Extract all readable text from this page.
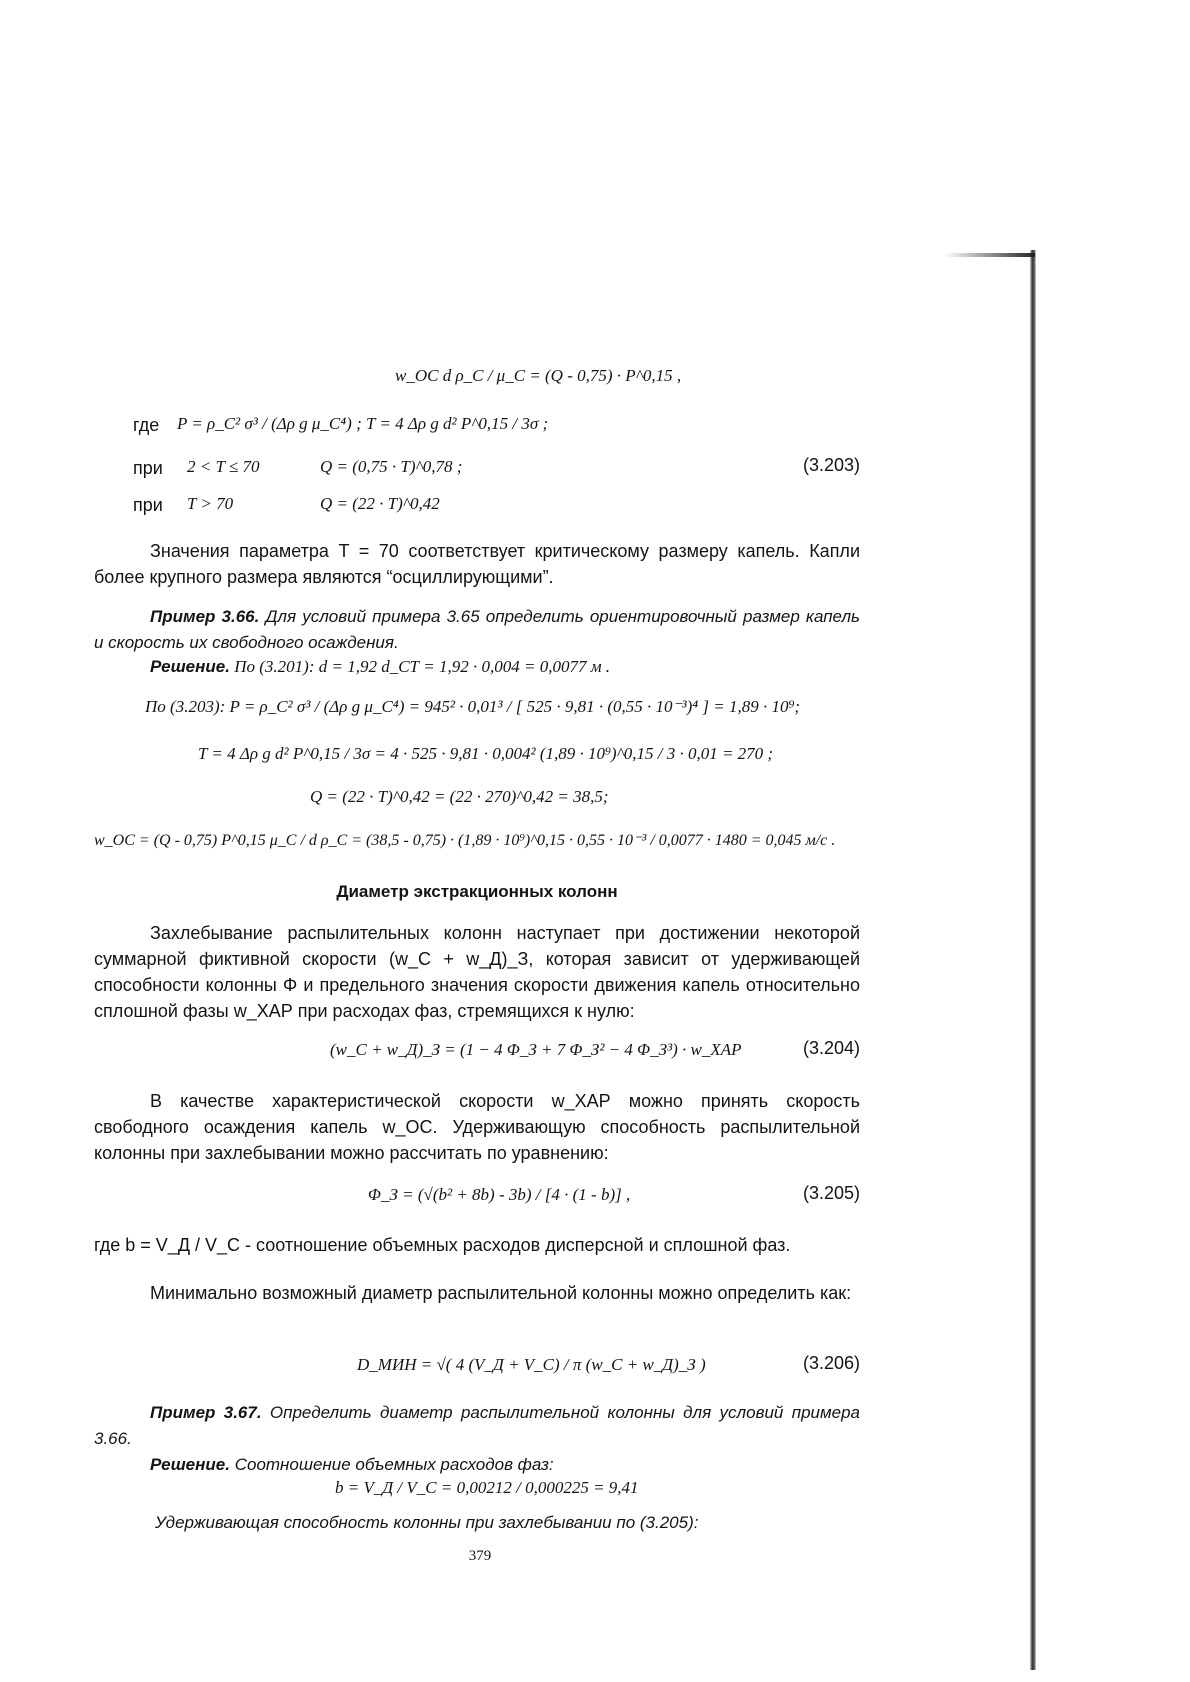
w_ОС d ρ_С / μ_С = (Q - 0,75) · P^0,15 ,
где P = ρ_С² σ³ / (Δρ g μ_С⁴) ; T = 4 Δρ g d² P^0,15 / 3σ ;
при 2 < T ≤ 70	Q = (0,75 · T)^0,78 ;	(3.203)
при T > 70	Q = (22 · T)^0,42

Значения параметра T = 70 соответствует критическому размеру капель. Капли более крупного размера являются “осциллирующими”.

Пример 3.66. Для условий примера 3.65 определить ориентировочный размер капель и скорость их свободного осаждения.

Решение. По (3.201): d = 1,92 d_СТ = 1,92 · 0,004 = 0,0077 м .

По (3.203): P = ρ_С² σ³ / (Δρ g μ_С⁴) = 945² · 0,01³ / [ 525 · 9,81 · (0,55 · 10⁻³)⁴ ] = 1,89 · 10⁹;
T = 4 Δρ g d² P^0,15 / 3σ = 4 · 525 · 9,81 · 0,004² (1,89 · 10⁹)^0,15 / 3 · 0,01 = 270 ;
Q = (22 · T)^0,42 = (22 · 270)^0,42 = 38,5;
w_ОС = (Q - 0,75) P^0,15 μ_С / d ρ_С = (38,5 - 0,75) · (1,89 · 10⁹)^0,15 · 0,55 · 10⁻³ / 0,0077 · 1480 = 0,045 м/с .
Диаметр экстракционных колонн

Захлебывание распылительных колонн наступает при достижении некоторой суммарной фиктивной скорости (w_С + w_Д)_З, которая зависит от удерживающей способности колонны Φ и предельного значения скорости движения капель относительно сплошной фазы w_ХАР при расходах фаз, стремящихся к нулю:

(w_С + w_Д)_З = (1 − 4 Φ_З + 7 Φ_З² − 4 Φ_З³) · w_ХАР	(3.204)

В качестве характеристической скорости w_ХАР можно принять скорость свободного осаждения капель w_ОС. Удерживающую способность распылительной колонны при захлебывании можно рассчитать по уравнению:

Φ_З = (√(b² + 8b) - 3b) / [4 · (1 - b)] ,	(3.205)

где b = V_Д / V_С - соотношение объемных расходов дисперсной и сплошной фаз.

Минимально возможный диаметр распылительной колонны можно определить как:

D_МИН = √( 4 (V_Д + V_С) / π (w_С + w_Д)_З )	(3.206)

Пример 3.67. Определить диаметр распылительной колонны для условий примера 3.66.

Решение. Соотношение объемных расходов фаз:

b = V_Д / V_С = 0,00212 / 0,000225 = 9,41

Удерживающая способность колонны при захлебывании по (3.205):

379
